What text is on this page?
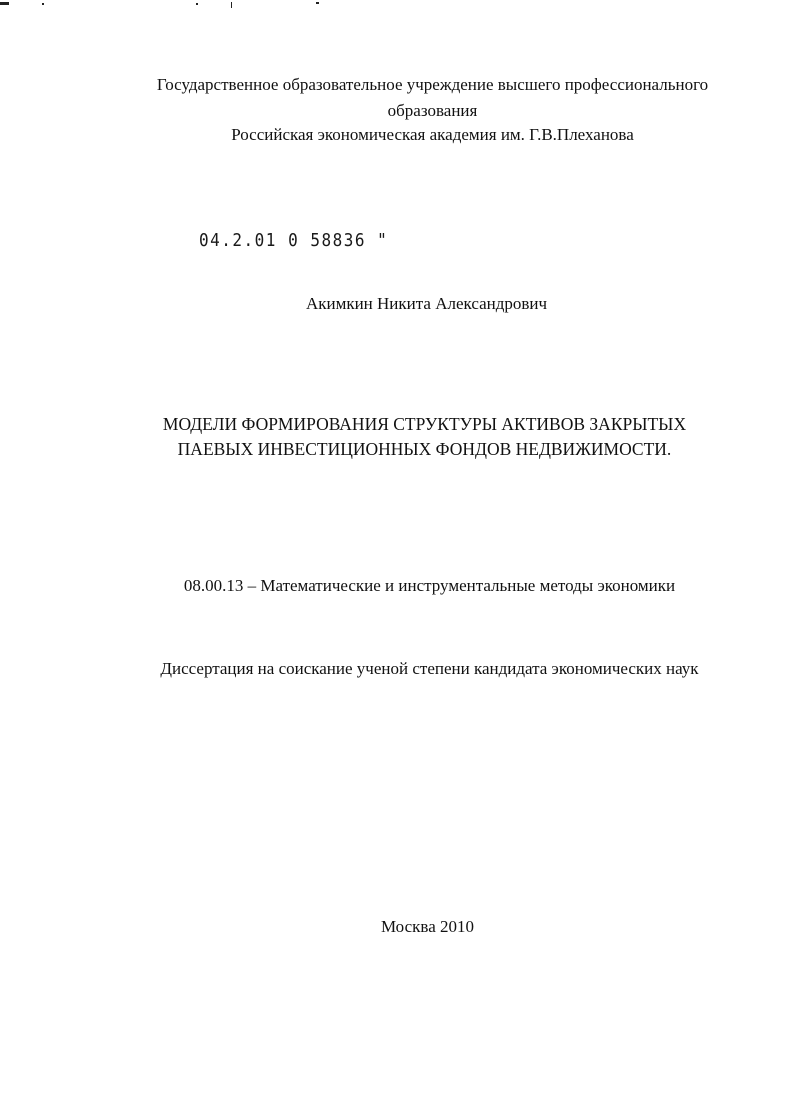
Государственное образовательное учреждение высшего профессионального
образования
Российская экономическая академия им. Г.В.Плеханова
04.2.01 0 58836 "
Акимкин Никита Александрович
МОДЕЛИ ФОРМИРОВАНИЯ СТРУКТУРЫ АКТИВОВ ЗАКРЫТЫХ
ПАЕВЫХ ИНВЕСТИЦИОННЫХ ФОНДОВ НЕДВИЖИМОСТИ.
08.00.13 – Математические и инструментальные методы экономики
Диссертация на соискание ученой степени кандидата экономических наук
Москва 2010
